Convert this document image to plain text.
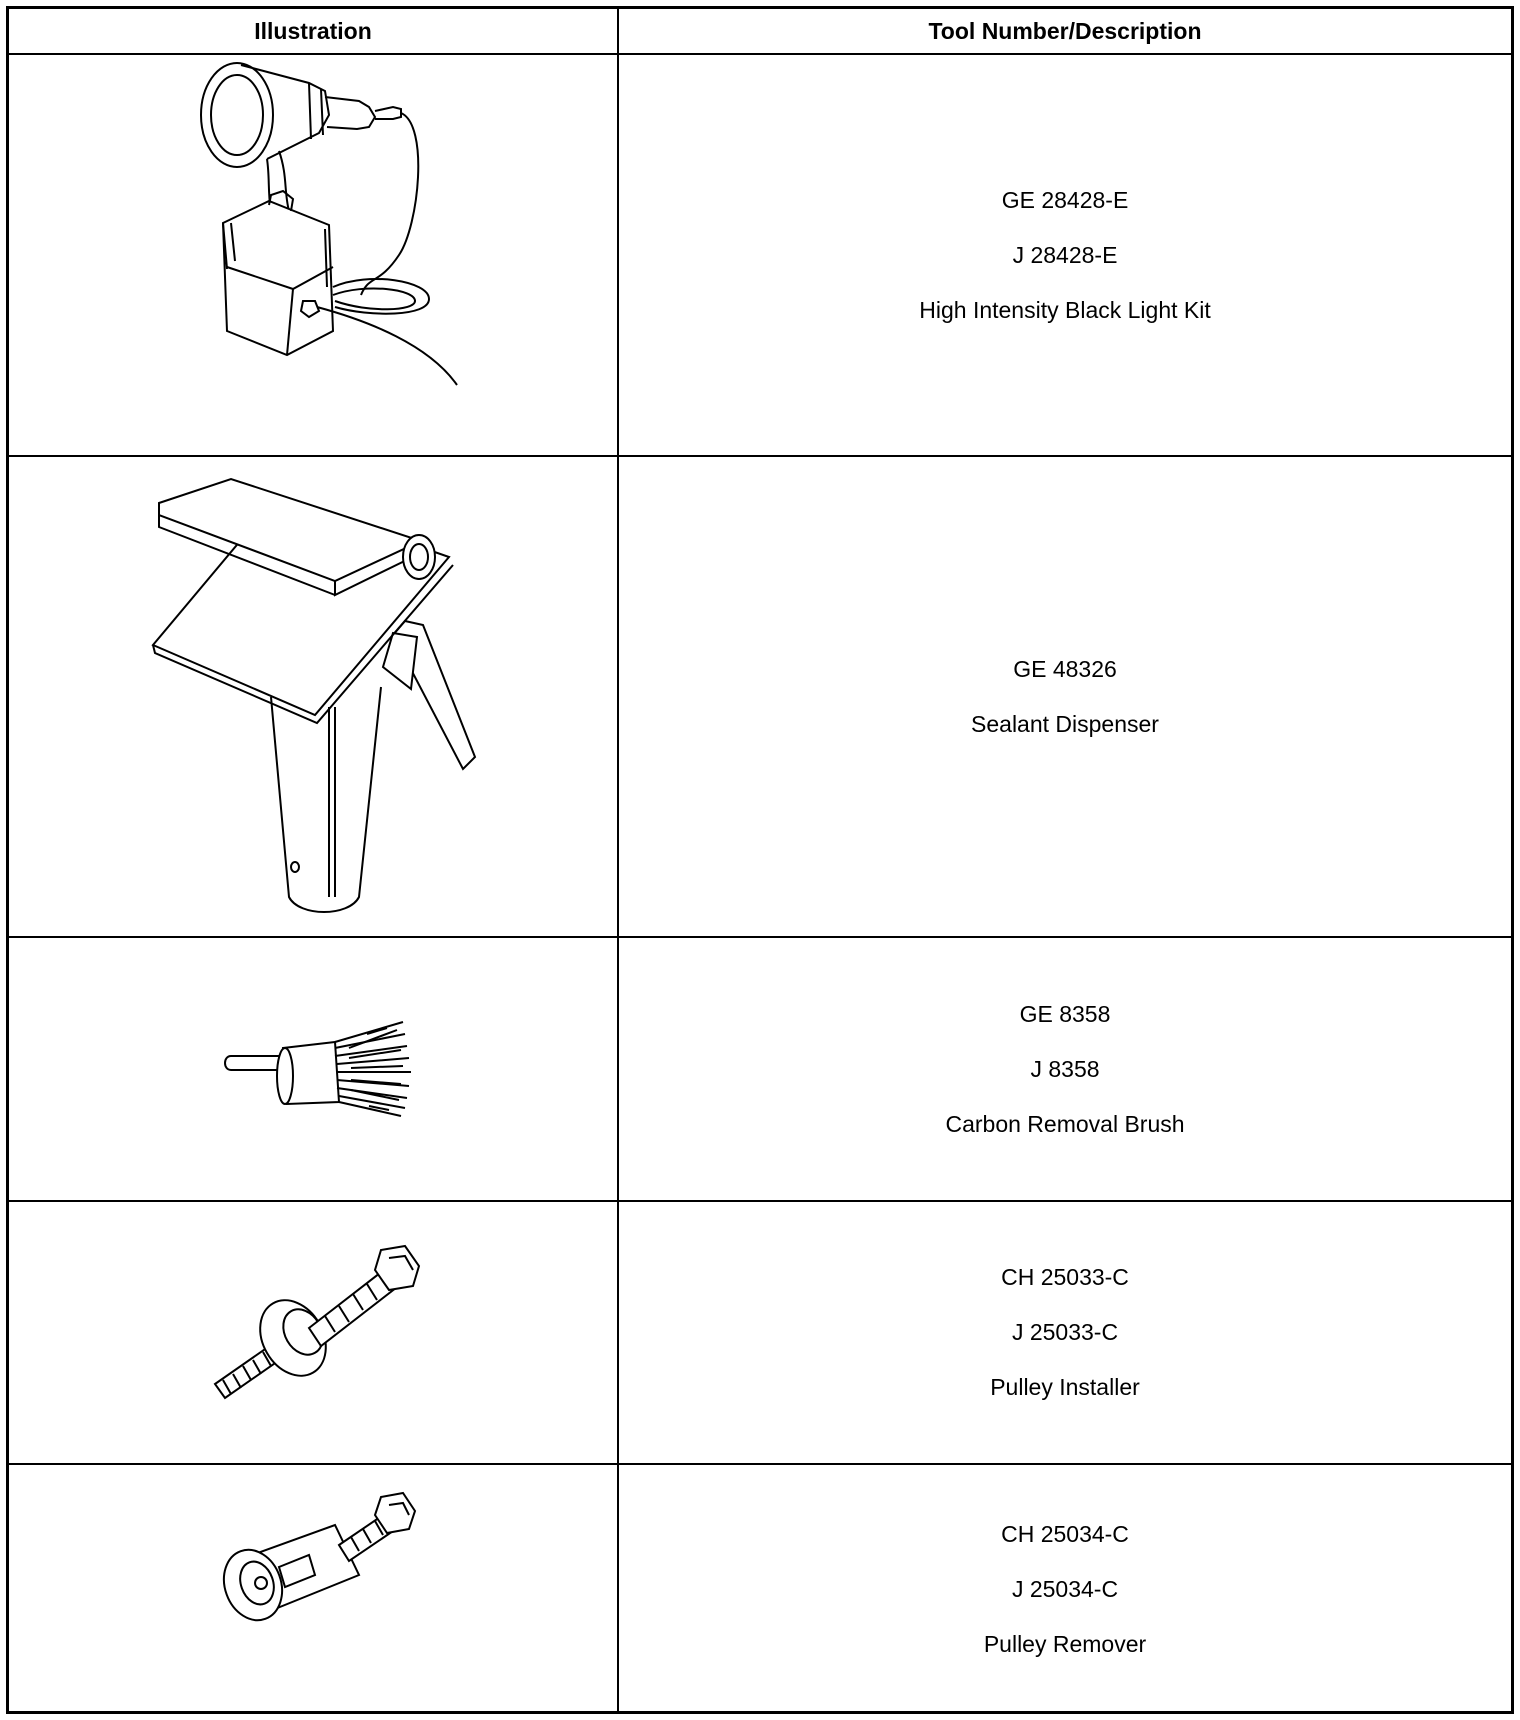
Illustration	Tool Number/Description
GE 28428-E
J 28428-E
High Intensity Black Light Kit
GE 48326
Sealant Dispenser
GE 8358
J 8358
Carbon Removal Brush
CH 25033-C
J 25033-C
Pulley Installer
CH 25034-C
J 25034-C
Pulley Remover
